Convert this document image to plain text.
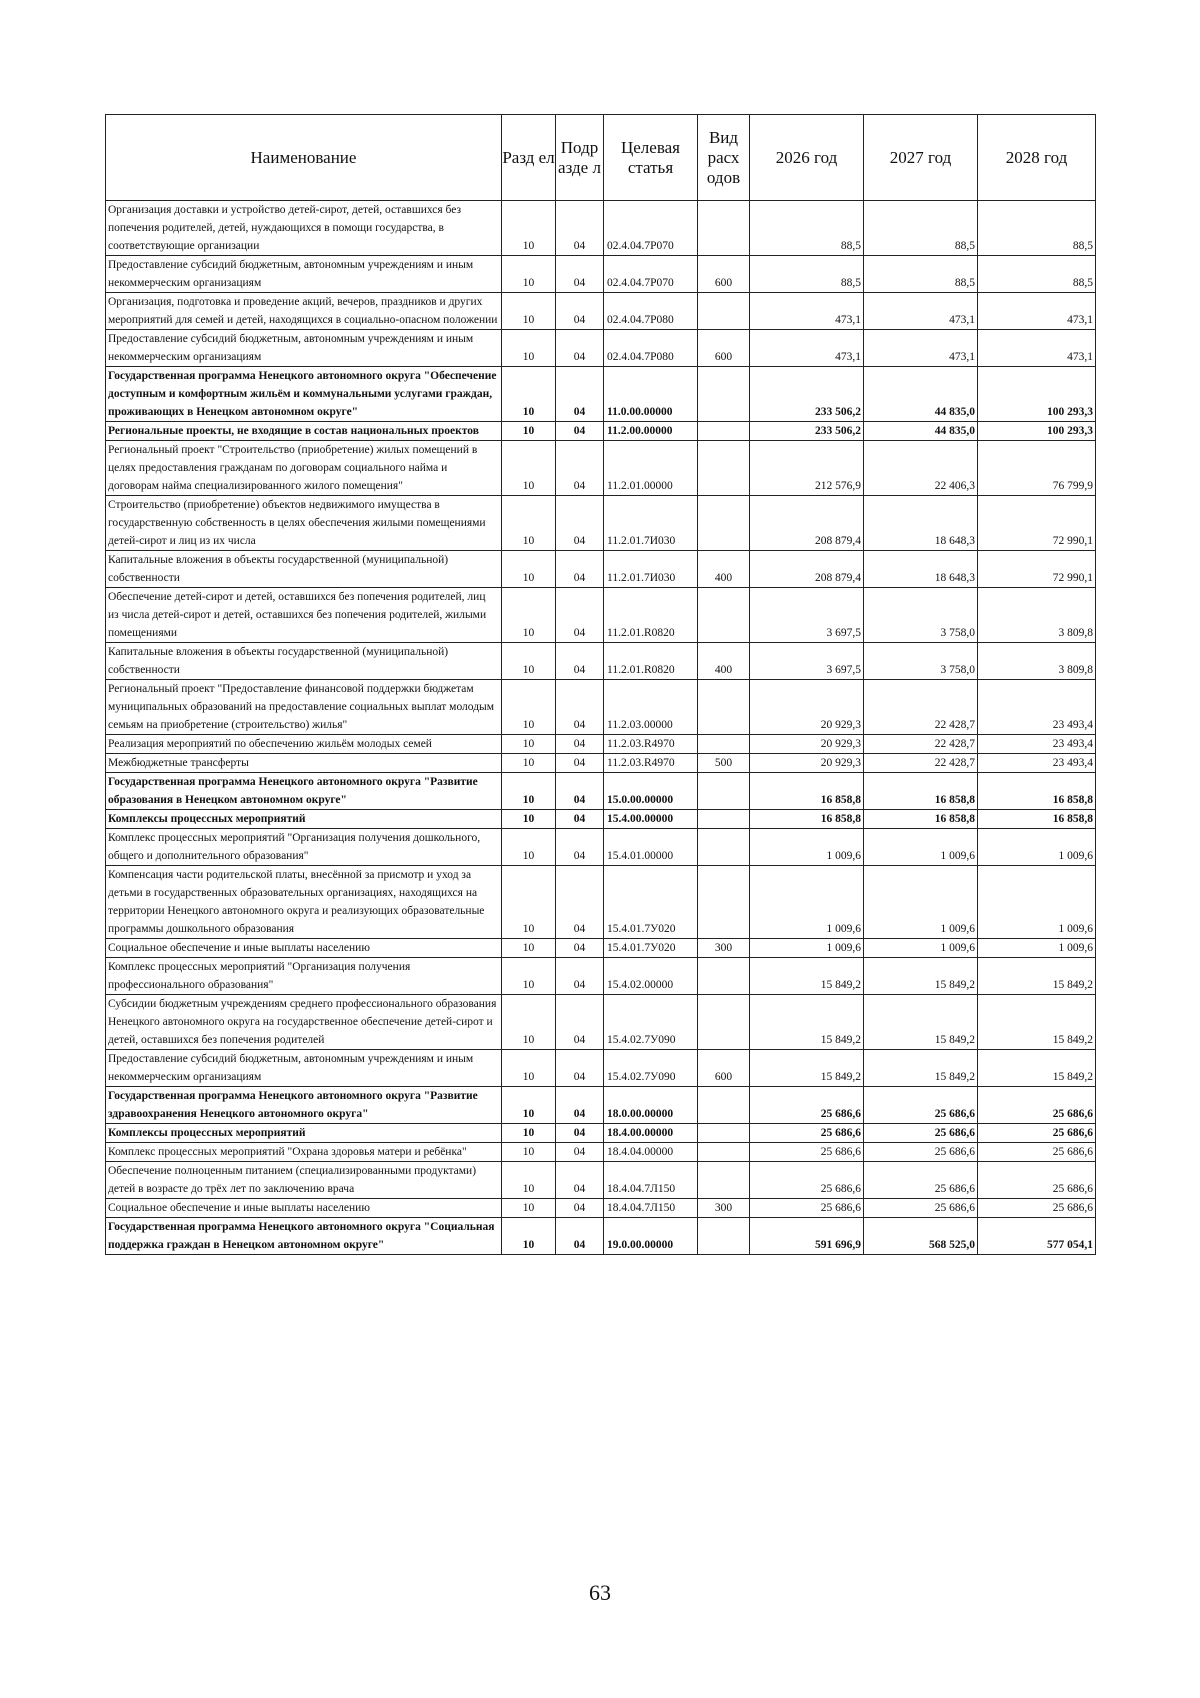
Наименование	Разд ел	Подр азде л	Целевая статья	Вид расх одов	2026 год	2027 год	2028 год
Организация доставки и устройство детей-сирот, детей, оставшихся без попечения родителей, детей, нуждающихся в помощи государства, в соответствующие организации	10	04	02.4.04.7Р070		88,5	88,5	88,5
Предоставление субсидий бюджетным, автономным учреждениям и иным некоммерческим организациям	10	04	02.4.04.7Р070	600	88,5	88,5	88,5
Организация, подготовка и проведение акций, вечеров, праздников и других мероприятий для семей и детей, находящихся в социально-опасном положении	10	04	02.4.04.7Р080		473,1	473,1	473,1
Предоставление субсидий бюджетным, автономным учреждениям и иным некоммерческим организациям	10	04	02.4.04.7Р080	600	473,1	473,1	473,1
Государственная программа Ненецкого автономного округа "Обеспечение доступным и комфортным жильём и коммунальными услугами граждан, проживающих в Ненецком автономном округе"	10	04	11.0.00.00000		233 506,2	44 835,0	100 293,3
Региональные проекты, не входящие в состав национальных проектов	10	04	11.2.00.00000		233 506,2	44 835,0	100 293,3
Региональный проект "Строительство (приобретение) жилых помещений в целях предоставления гражданам по договорам социального найма и договорам найма специализированного жилого помещения"	10	04	11.2.01.00000		212 576,9	22 406,3	76 799,9
Строительство (приобретение) объектов недвижимого имущества в государственную собственность в целях обеспечения жилыми помещениями детей-сирот и лиц из их числа	10	04	11.2.01.7И030		208 879,4	18 648,3	72 990,1
Капитальные вложения в объекты государственной (муниципальной) собственности	10	04	11.2.01.7И030	400	208 879,4	18 648,3	72 990,1
Обеспечение детей-сирот и детей, оставшихся без попечения родителей, лиц из числа детей-сирот и детей, оставшихся без попечения родителей, жилыми помещениями	10	04	11.2.01.R0820		3 697,5	3 758,0	3 809,8
Капитальные вложения в объекты государственной (муниципальной) собственности	10	04	11.2.01.R0820	400	3 697,5	3 758,0	3 809,8
Региональный проект "Предоставление финансовой поддержки бюджетам муниципальных образований на предоставление социальных выплат молодым семьям на приобретение (строительство) жилья"	10	04	11.2.03.00000		20 929,3	22 428,7	23 493,4
Реализация мероприятий по обеспечению жильём молодых семей	10	04	11.2.03.R4970		20 929,3	22 428,7	23 493,4
Межбюджетные трансферты	10	04	11.2.03.R4970	500	20 929,3	22 428,7	23 493,4
Государственная программа Ненецкого автономного округа "Развитие образования в Ненецком автономном округе"	10	04	15.0.00.00000		16 858,8	16 858,8	16 858,8
Комплексы процессных мероприятий	10	04	15.4.00.00000		16 858,8	16 858,8	16 858,8
Комплекс процессных мероприятий "Организация получения дошкольного, общего и дополнительного образования"	10	04	15.4.01.00000		1 009,6	1 009,6	1 009,6
Компенсация части родительской платы, внесённой за присмотр и уход за детьми в государственных образовательных организациях, находящихся на территории Ненецкого автономного округа и реализующих образовательные программы дошкольного образования	10	04	15.4.01.7У020		1 009,6	1 009,6	1 009,6
Социальное обеспечение и иные выплаты населению	10	04	15.4.01.7У020	300	1 009,6	1 009,6	1 009,6
Комплекс процессных мероприятий "Организация получения профессионального образования"	10	04	15.4.02.00000		15 849,2	15 849,2	15 849,2
Субсидии бюджетным учреждениям среднего профессионального образования Ненецкого автономного округа на государственное обеспечение детей-сирот и детей, оставшихся без попечения родителей	10	04	15.4.02.7У090		15 849,2	15 849,2	15 849,2
Предоставление субсидий бюджетным, автономным учреждениям и иным некоммерческим организациям	10	04	15.4.02.7У090	600	15 849,2	15 849,2	15 849,2
Государственная программа Ненецкого автономного округа "Развитие здравоохранения Ненецкого автономного округа"	10	04	18.0.00.00000		25 686,6	25 686,6	25 686,6
Комплексы процессных мероприятий	10	04	18.4.00.00000		25 686,6	25 686,6	25 686,6
Комплекс процессных мероприятий "Охрана здоровья матери и ребёнка"	10	04	18.4.04.00000		25 686,6	25 686,6	25 686,6
Обеспечение полноценным питанием (специализированными продуктами) детей в возрасте до трёх лет по заключению врача	10	04	18.4.04.7Л150		25 686,6	25 686,6	25 686,6
Социальное обеспечение и иные выплаты населению	10	04	18.4.04.7Л150	300	25 686,6	25 686,6	25 686,6
Государственная программа Ненецкого автономного округа "Социальная поддержка граждан в Ненецком автономном округе"	10	04	19.0.00.00000		591 696,9	568 525,0	577 054,1
63
